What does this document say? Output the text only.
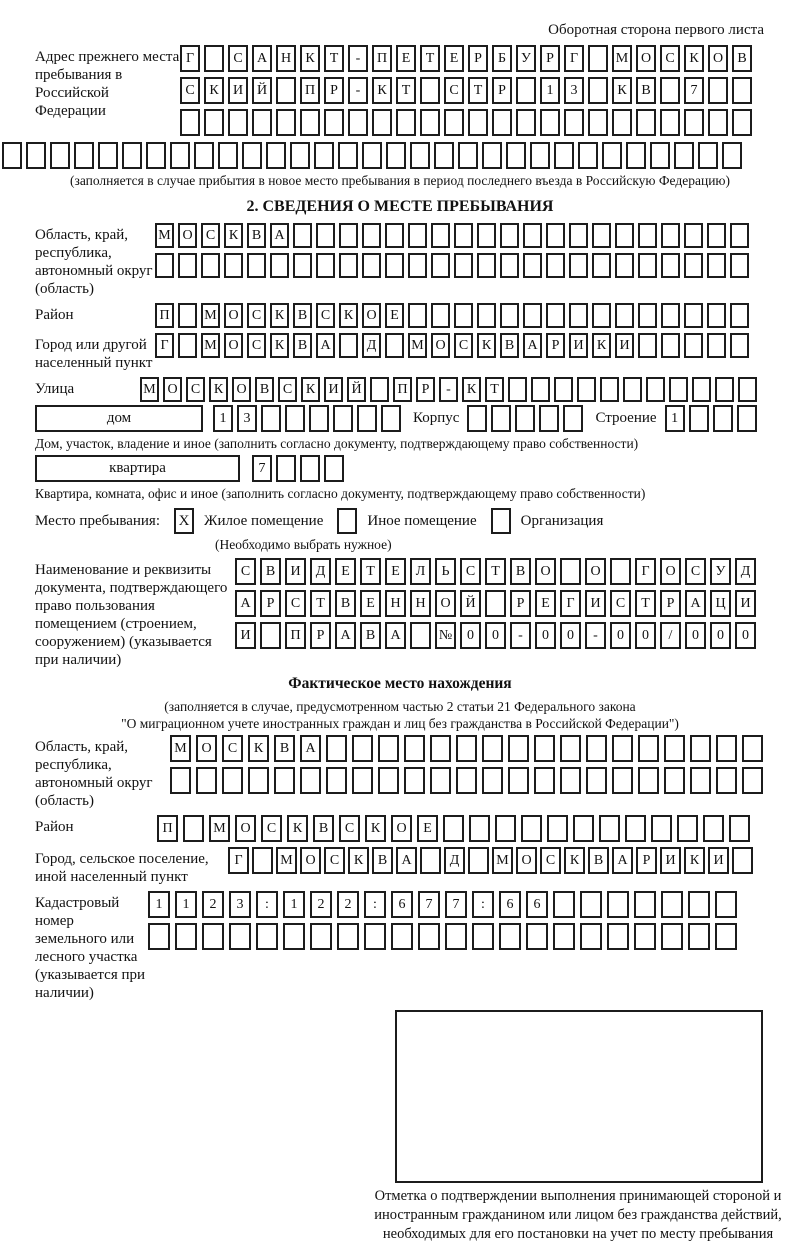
Оборотная сторона первого листа
Адрес прежнего места пребывания в Российской Федерации
Г	С	А Н	К	Т	-	П	Е	Т	Е	Р	Б	У	Р	Г	М О	С	К	О	В
С	К	И Й	П	Р	-	К	Т	С	Т	Р	1	3	К	В	7
(заполняется в случае прибытия в новое место пребывания в период последнего въезда в Российскую Федерацию)
2. СВЕДЕНИЯ О МЕСТЕ ПРЕБЫВАНИЯ
Область, край, республика, автономный округ (область)
М О С К В А
Район	П	М О С К В С К О Е
Город или другой населенный пункт
Г	М О С К В А	Д	М О С К В А	Р	И К И
Улица	М О С К О В С К И Й	П	Р	-	К	Т
дом	1	3	Корпус	Строение	1
Дом, участок, владение и иное (заполнить согласно документу, подтверждающему право собственности)
квартира	7
Квартира, комната, офис и иное (заполнить согласно документу, подтверждающему право собственности)
Место пребывания:	X Жилое помещение	Иное помещение	Организация
(Необходимо выбрать нужное)
Наименование и реквизиты документа, подтверждающего право пользования помещением (строением, сооружением) (указывается при наличии)
С	В	И	Д	Е	Т	Е	Л	Ь	С	Т	В	О	О	Г	О	С	У	Д
А	Р	С	Т	В	Е	Н	Н	О	Й	Р	Е	Г	И	С	Т	Р	А	Ц	И
И	П	Р	А	В	А	№	0	0	-	0	0	-	0	0	/	0	0	0
Фактическое место нахождения
(заполняется в случае, предусмотренном частью 2 статьи 21 Федерального закона
"О миграционном учете иностранных граждан и лиц без гражданства в Российской Федерации")
Область, край, республика, автономный округ (область)
М	О	С	К	В	А
Район	П	М	О	С	К	В	С	К	О	Е
Город, сельское поселение, иной населенный пункт
Г	М О	С	К	В	А	Д	М О	С	К	В	А	Р	И	К	И
Кадастровый номер земельного или лесного участка (указывается при наличии)
1	1	2	3	:	1	2	2	:	6	7	7	:	6	6
Отметка о подтверждении выполнения принимающей стороной и иностранным гражданином или лицом без гражданства действий, необходимых для его постановки на учет по месту пребывания
